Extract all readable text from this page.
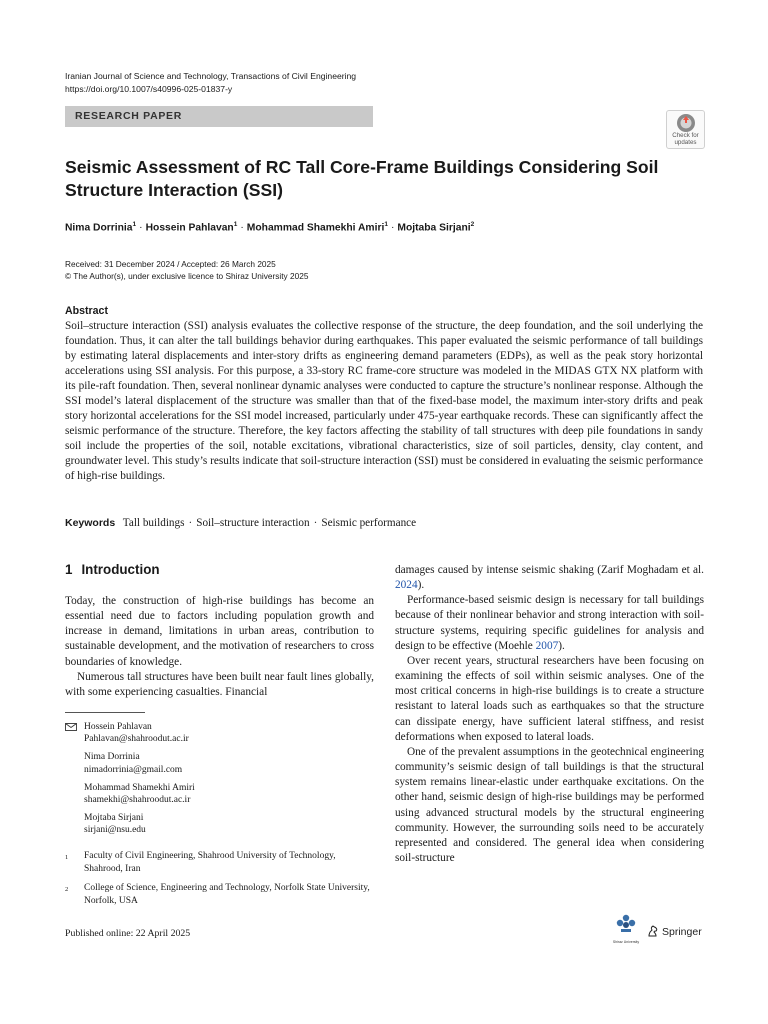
Iranian Journal of Science and Technology, Transactions of Civil Engineering
https://doi.org/10.1007/s40996-025-01837-y
RESEARCH PAPER
Check for
updates
Seismic Assessment of RC Tall Core-Frame Buildings Considering Soil Structure Interaction (SSI)
Nima Dorrinia$^1$ · Hossein Pahlavan$^1$ · Mohammad Shamekhi Amiri$^1$ · Mojtaba Sirjani$^2$
Received: 31 December 2024 / Accepted: 26 March 2025
© The Author(s), under exclusive licence to Shiraz University 2025
Abstract
Soil–structure interaction (SSI) analysis evaluates the collective response of the structure, the deep foundation, and the soil underlying the foundation. Thus, it can alter the tall buildings behavior during earthquakes. This paper evaluated the seismic performance of tall buildings by estimating lateral displacements and inter-story drifts as engineering demand parameters (EDPs), as well as the peak story horizontal accelerations using SSI analysis. For this purpose, a 33-story RC frame-core structure was modeled in the MIDAS GTX NX platform with its pile-raft foundation. Then, several nonlinear dynamic analyses were conducted to capture the structure’s nonlinear response. Although the SSI model’s lateral displacement of the structure was smaller than that of the fixed-base model, the maximum inter-story drifts and peak story horizontal accelerations for the SSI model increased, particularly under 475-year earthquake records. These can significantly affect the seismic performance of the structure. Therefore, the key factors affecting the stability of tall structures with deep pile foundations in sandy soil include the properties of the soil, notable excitations, vibrational characteristics, size of soil particles, density, clay content, and groundwater level. This study’s results indicate that soil-structure interaction (SSI) must be considered in evaluating the seismic performance of high-rise buildings.
Keywords Tall buildings · Soil–structure interaction · Seismic performance
1 Introduction

Today, the construction of high-rise buildings has become an essential need due to factors including population growth and increase in demand, limitations in urban areas, contribution to sustainable development, and the motivation of researchers to cross boundaries of knowledge.

Numerous tall structures have been built near fault lines globally, with some experiencing casualties. Financial

damages caused by intense seismic shaking (Zarif Moghadam et al. 2024).

Performance-based seismic design is necessary for tall buildings because of their nonlinear behavior and strong interaction with soil-structure systems, requiring specific guidelines for analysis and design to be effective (Moehle 2007).

Over recent years, structural researchers have been focusing on examining the effects of soil within seismic analyses. One of the most critical concerns in high-rise buildings is to create a structure resistant to lateral loads such as earthquakes so that the structure can dissipate energy, have sufficient lateral stiffness, and resist deformations when exposed to lateral loads.

One of the prevalent assumptions in the geotechnical engineering community’s seismic design of tall buildings is that the structural system remains linear-elastic under earthquake excitations. On the other hand, seismic design of high-rise buildings may be performed using advanced structural models by the structural engineering community. However, the surrounding soils need to be accurately represented and considered. The general idea when considering soil-structure

Hossein Pahlavan
Pahlavan@shahroodut.ac.ir
Nima Dorrinia
nimadorrinia@gmail.com
Mohammad Shamekhi Amiri
shamekhi@shahroodut.ac.ir
Mojtaba Sirjani
sirjani@nsu.edu
1 Faculty of Civil Engineering, Shahrood University of Technology, Shahrood, Iran
2 College of Science, Engineering and Technology, Norfolk State University, Norfolk, USA
Published online: 22 April 2025
Shiraz University
Springer
